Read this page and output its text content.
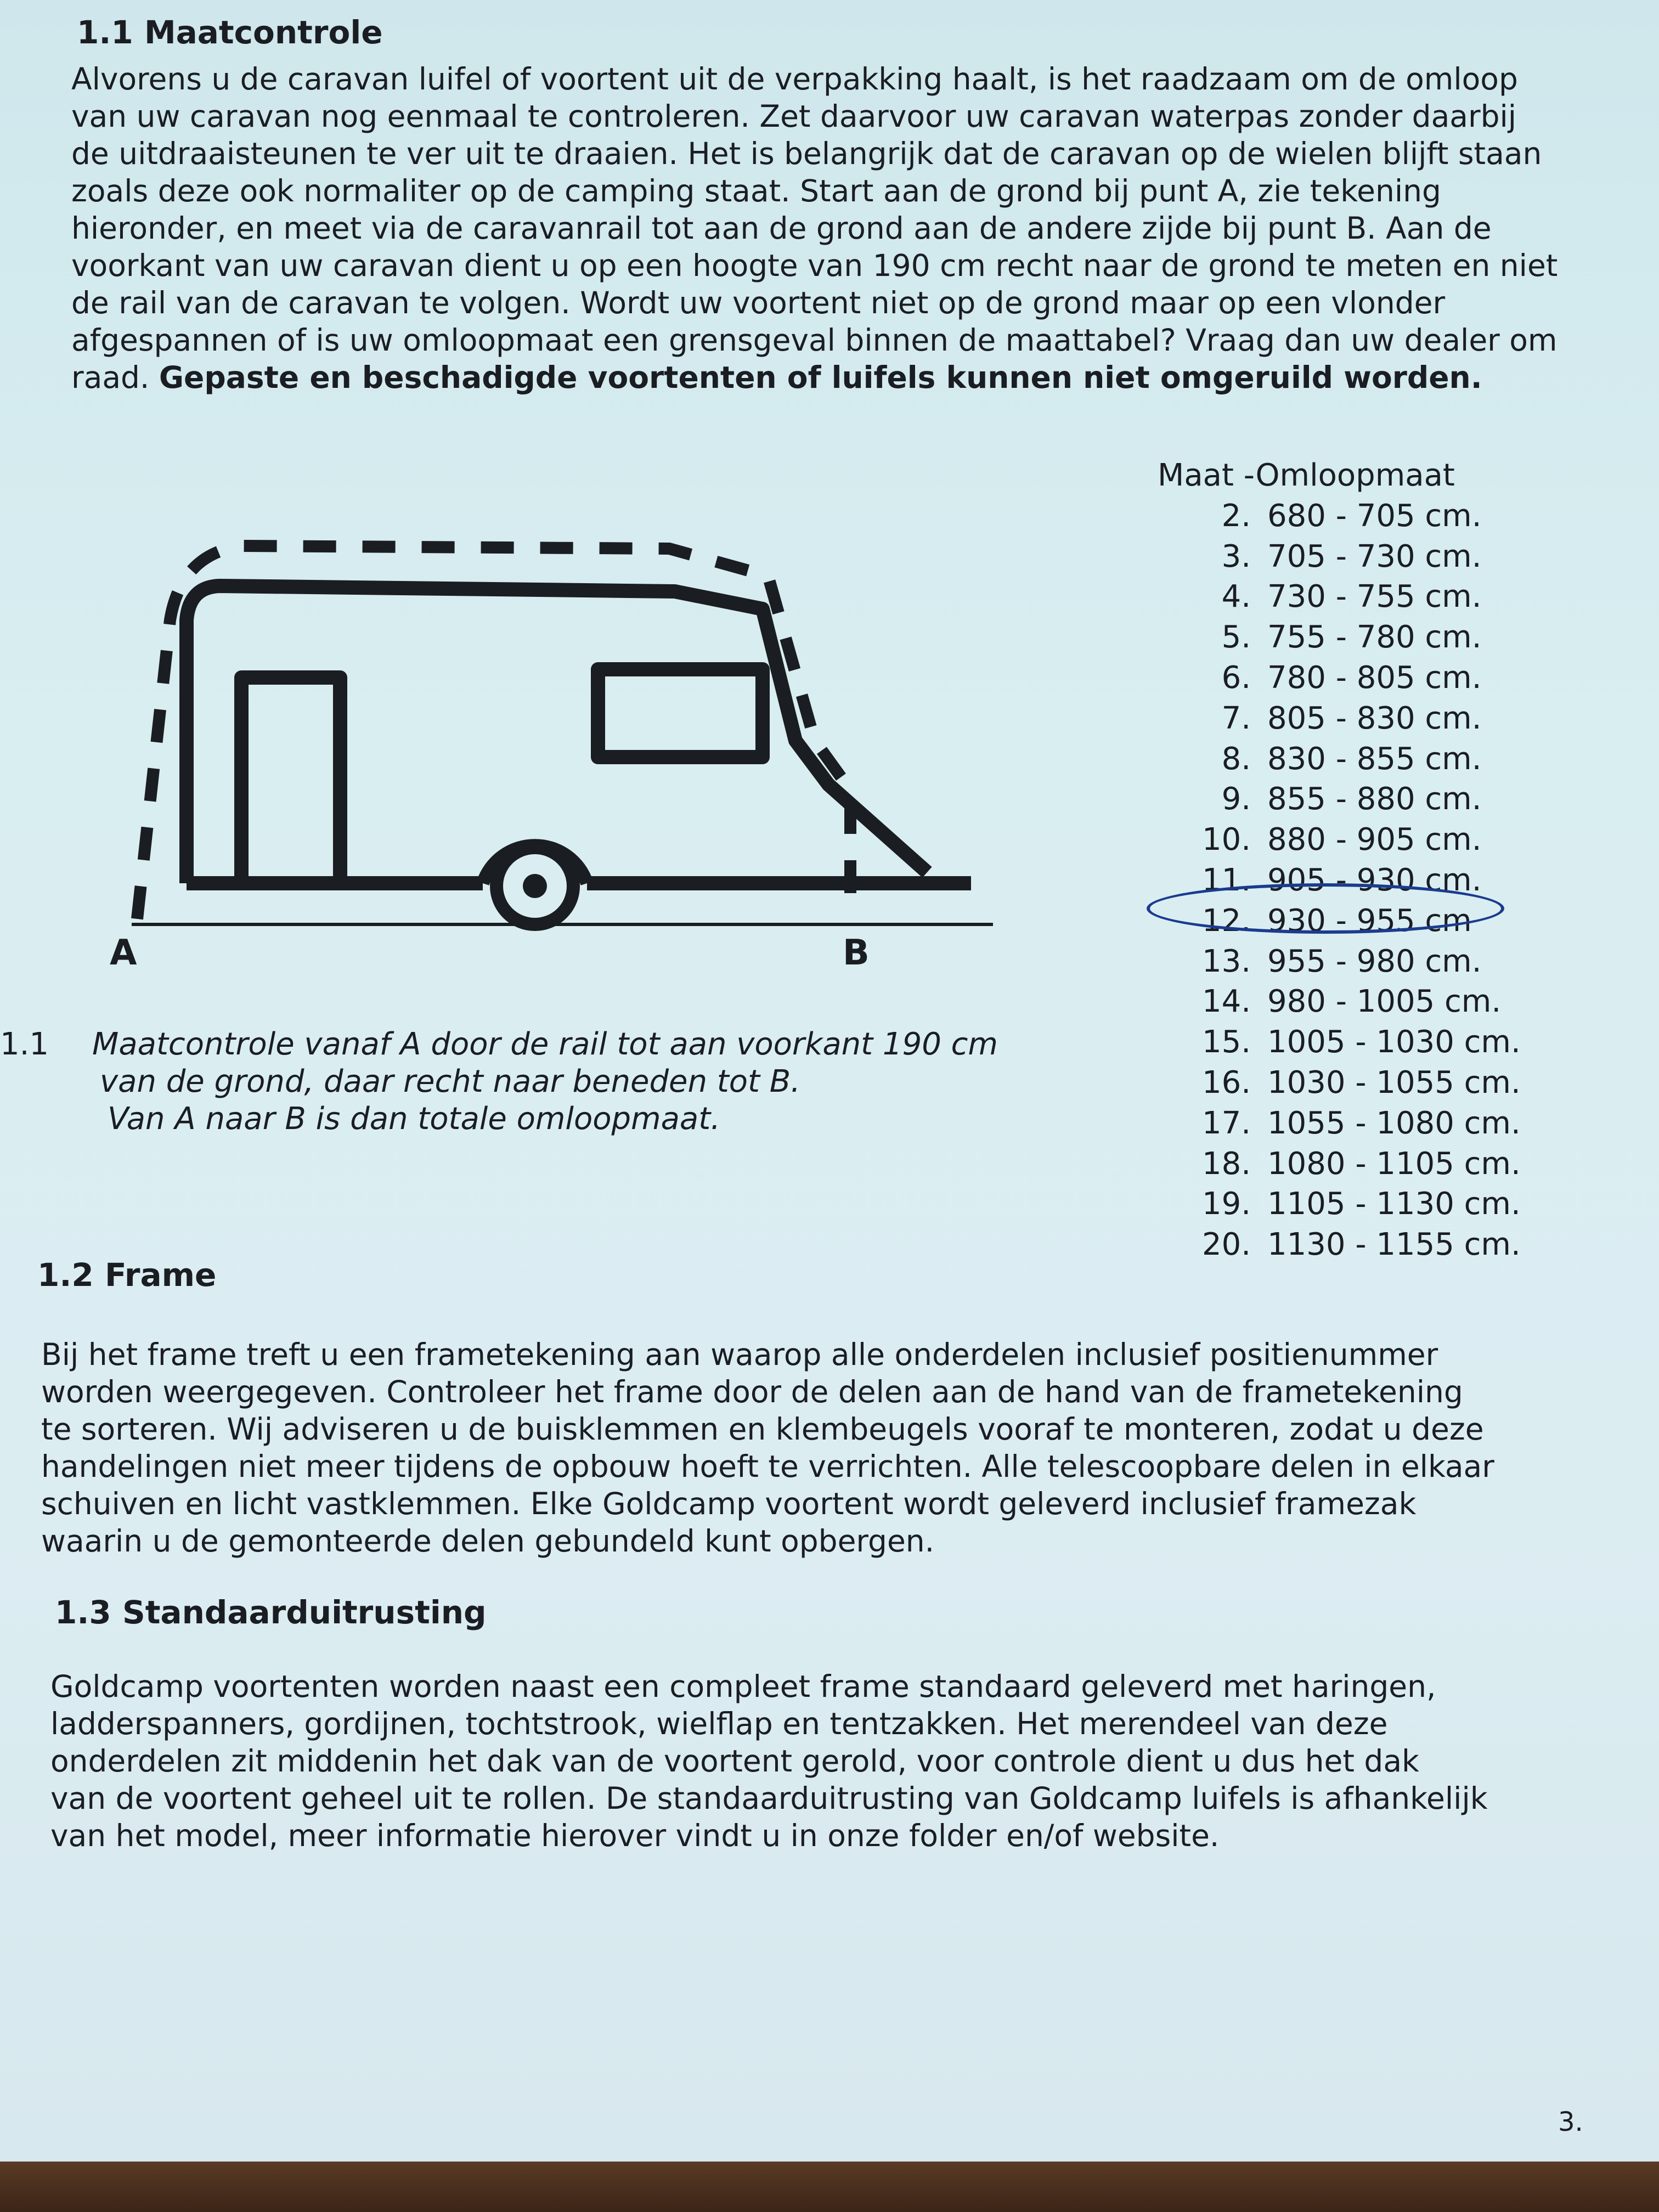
1.1 Maatcontrole
Alvorens u de caravan luifel of voortent uit de verpakking haalt, is het raadzaam om de omloop
van uw caravan nog eenmaal te controleren. Zet daarvoor uw caravan waterpas zonder daarbij
de uitdraaisteunen te ver uit te draaien. Het is belangrijk dat de caravan op de wielen blijft staan
zoals deze ook normaliter op de camping staat. Start aan de grond bij punt A, zie tekening
hieronder, en meet via de caravanrail tot aan de grond aan de andere zijde bij punt B. Aan de
voorkant van uw caravan dient u op een hoogte van 190 cm recht naar de grond te meten en niet
de rail van de caravan te volgen. Wordt uw voortent niet op de grond maar op een vlonder
afgespannen of is uw omloopmaat een grensgeval binnen de maattabel? Vraag dan uw dealer om
raad. Gepaste en beschadigde voortenten of luifels kunnen niet omgeruild worden.
A	B
Maat -Omloopmaat
2. 680 - 705 cm.
3. 705 - 730 cm.
4. 730 - 755 cm.
5. 755 - 780 cm.
6. 780 - 805 cm.
7. 805 - 830 cm.
8. 830 - 855 cm.
9. 855 - 880 cm.
10. 880 - 905 cm.
11. 905 - 930 cm.
12. 930 - 955 cm
13. 955 - 980 cm.
14. 980 - 1005 cm.
15. 1005 - 1030 cm.
16. 1030 - 1055 cm.
17. 1055 - 1080 cm.
18. 1080 - 1105 cm.
19. 1105 - 1130 cm.
20. 1130 - 1155 cm.
1.1 Maatcontrole vanaf A door de rail tot aan voorkant 190 cm
van de grond, daar recht naar beneden tot B.
Van A naar B is dan totale omloopmaat.
1.2 Frame
Bij het frame treft u een frametekening aan waarop alle onderdelen inclusief positienummer
worden weergegeven. Controleer het frame door de delen aan de hand van de frametekening
te sorteren. Wij adviseren u de buisklemmen en klembeugels vooraf te monteren, zodat u deze
handelingen niet meer tijdens de opbouw hoeft te verrichten. Alle telescoopbare delen in elkaar
schuiven en licht vastklemmen. Elke Goldcamp voortent wordt geleverd inclusief framezak
waarin u de gemonteerde delen gebundeld kunt opbergen.
1.3 Standaarduitrusting
Goldcamp voortenten worden naast een compleet frame standaard geleverd met haringen,
ladderspanners, gordijnen, tochtstrook, wielflap en tentzakken. Het merendeel van deze
onderdelen zit middenin het dak van de voortent gerold, voor controle dient u dus het dak
van de voortent geheel uit te rollen. De standaarduitrusting van Goldcamp luifels is afhankelijk
van het model, meer informatie hierover vindt u in onze folder en/of website.
3.
